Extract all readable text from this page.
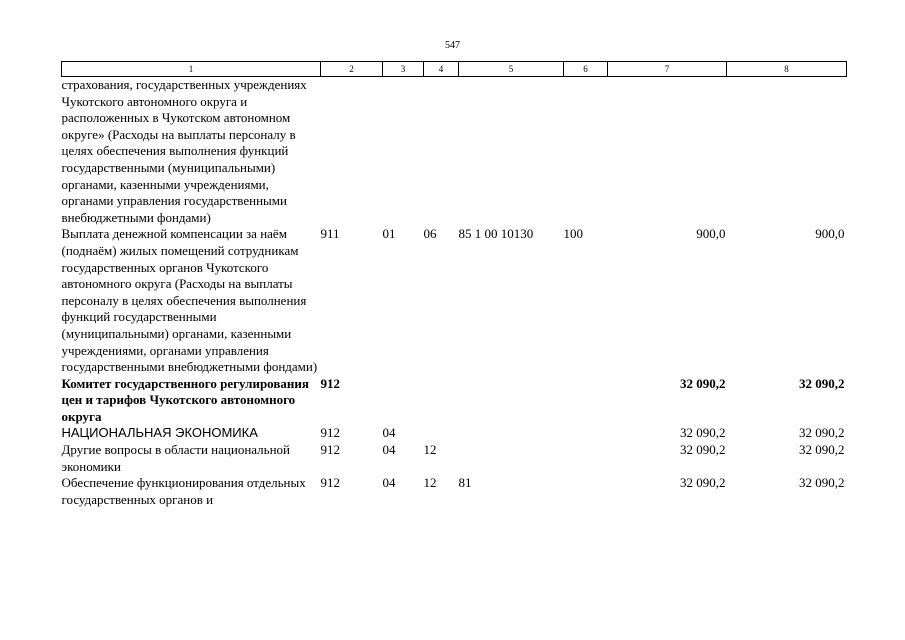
547
1	2	3	4	5	6	7	8
страхования, государственных учреждениях Чукотского автономного округа и расположенных в Чукотском автономном округе» (Расходы на выплаты персоналу в целях обеспечения выполнения функций государственными (муниципальными) органами, казенными учреждениями, органами управления государственными внебюджетными фондами)							
Выплата денежной компенсации за наём (поднаём) жилых помещений сотрудникам государственных органов Чукотского автономного округа (Расходы на выплаты персоналу в целях обеспечения выполнения функций государственными (муниципальными) органами, казенными учреждениями, органами управления государственными внебюджетными фондами)	911	01	06	85 1 00 10130	100	900,0	900,0
Комитет государственного регулирования цен и тарифов Чукотского автономного округа	912					32 090,2	32 090,2
НАЦИОНАЛЬНАЯ ЭКОНОМИКА	912	04				32 090,2	32 090,2
Другие вопросы в области национальной экономики	912	04	12			32 090,2	32 090,2
Обеспечение функционирования отдельных государственных органов и	912	04	12	81		32 090,2	32 090,2
